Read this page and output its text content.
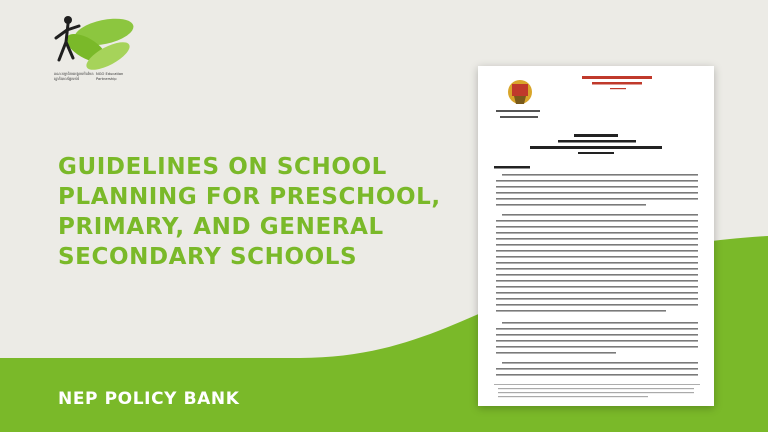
គណៈកម្មាធិការអង្គការមិនមែនរដ្ឋាភិបាលផ្នែកអប់រំ
NGO Education Partnership
GUIDELINES ON SCHOOL PLANNING FOR PRESCHOOL, PRIMARY, AND GENERAL SECONDARY SCHOOLS
NEP POLICY BANK
